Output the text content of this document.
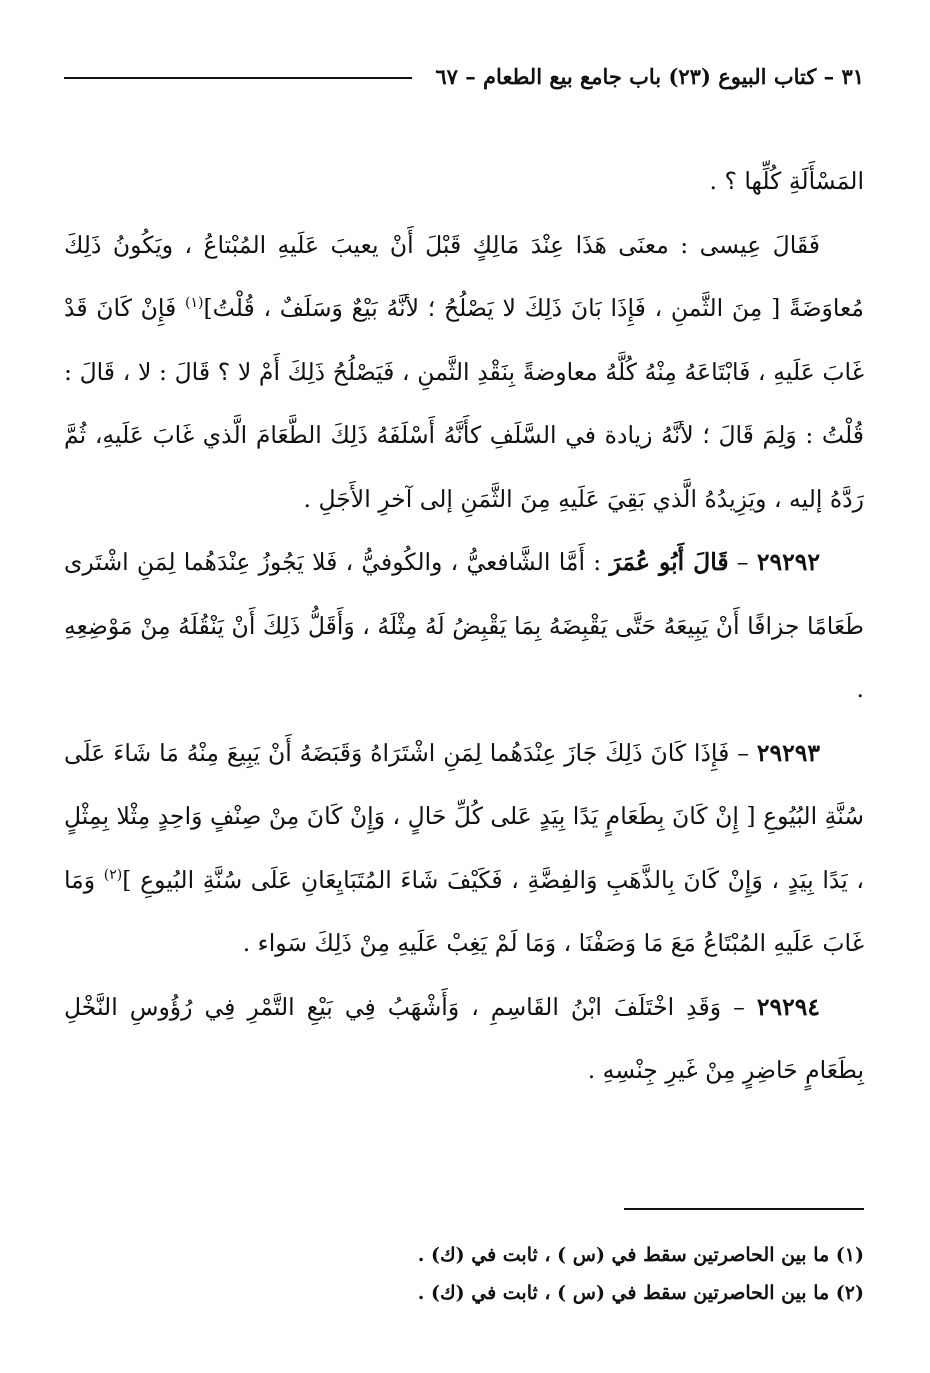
٣١ – كتاب البيوع (٢٣) باب جامع بيع الطعام – ٦٧

المَسْأَلَةِ كُلِّها ؟ .

فَقَالَ عِيسى : معنَى هَذَا عِنْدَ مَالِكٍ قَبْلَ أَنْ يعيبَ عَلَيهِ المُبْتاعُ ، ويَكُونُ ذَلِكَ مُعاوَضَةً [ مِنَ الثَّمنِ ، فَإِذَا بَانَ ذَلِكَ لا يَصْلُحُ ؛ لأنَّهُ بَيْعٌ وَسَلَفٌ ، قُلْتُ]$^{(١)}$ فَإِنْ كَانَ قَدْ غَابَ عَلَيهِ ، فَابْتَاعَهُ مِنْهُ كُلَّهُ معاوضةً بِنَقْدِ الثَّمنِ ، فَيَصْلُحُ ذَلِكَ أَمْ لا ؟ قَالَ : لا ، قَالَ : قُلْتُ : وَلِمَ قَالَ ؛ لأنَّهُ زيادة في السَّلَفِ كأَنَّهُ أَسْلَفَهُ ذَلِكَ الطَّعَامَ الَّذي غَابَ عَلَيهِ، ثُمَّ رَدَّهُ إليه ، ويَزِيدُهُ الَّذي بَقِيَ عَلَيهِ مِنَ الثَّمَنِ إلى آخرِ الأَجَلِ .

٢٩٢٩٢ – قَالَ أَبُو عُمَرَ : أَمَّا الشَّافعيُّ ، والكُوفيُّ ، فَلا يَجُوزُ عِنْدَهُما لِمَنِ اشْتَرى طَعَامًا جزافًا أَنْ يَبِيعَهُ حَتَّى يَقْبِضَهُ بِمَا يَقْبِضُ لَهُ مِثْلَهُ ، وَأَقَلُّ ذَلِكَ أَنْ يَنْقُلَهُ مِنْ مَوْضِعِهِ .

٢٩٢٩٣ – فَإِذَا كَانَ ذَلِكَ جَازَ عِنْدَهُما لِمَنِ اشْتَرَاهُ وَقَبَضَهُ أَنْ يَبِيعَ مِنْهُ مَا شَاءَ عَلَى سُنَّةِ البُيُوعِ [ إِنْ كَانَ بِطَعَامٍ يَدًا بِيَدٍ عَلى كُلِّ حَالٍ ، وَإِنْ كَانَ مِنْ صِنْفٍ وَاحِدٍ مِثْلا بِمِثْلٍ ، يَدًا بِيَدٍ ، وَإِنْ كَانَ بِالذَّهَبِ وَالفِضَّةِ ، فَكَيْفَ شَاءَ المُتَبَايِعَانِ عَلَى سُنَّةِ البُيوعِ ]$^{(٢)}$ وَمَا غَابَ عَلَيهِ المُبْتَاعُ مَعَ مَا وَصَفْنَا ، وَمَا لَمْ يَغِبْ عَلَيهِ مِنْ ذَلِكَ سَواء .

٢٩٢٩٤ – وَقَدِ اخْتَلَفَ ابْنُ القَاسِمِ ، وَأَشْهَبُ فِي بَيْعِ التَّمْرِ فِي رُؤُوسِ النَّخْلِ بِطَعَامٍ حَاضِرٍ مِنْ غَيرِ جِنْسِهِ .

(١) ما بين الحاصرتين سقط في (س ) ، ثابت في (ك) .

(٢) ما بين الحاصرتين سقط في (س ) ، ثابت في (ك) .
